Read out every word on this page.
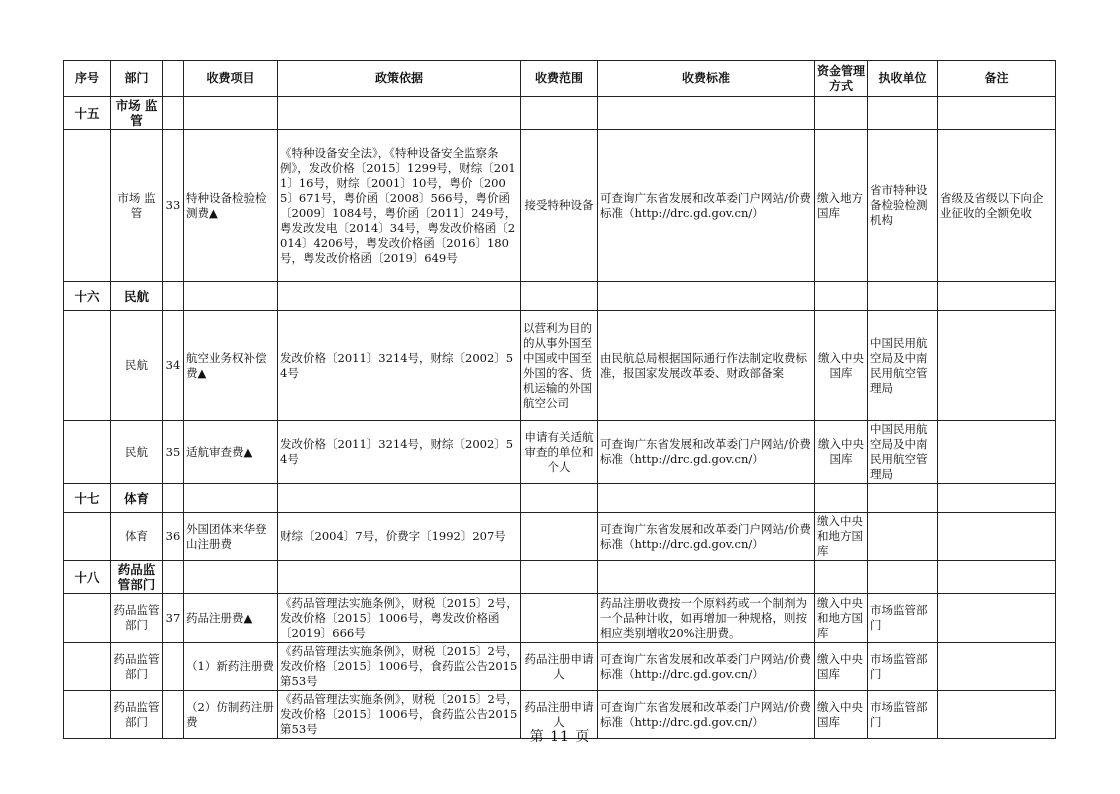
序号	部门		收费项目	政策依据	收费范围	收费标准	资金管理方式	执收单位	备注
十五	市场 监管								
	市场 监管	33	特种设备检验检测费▲	《特种设备安全法》，《特种设备安全监察条例》，发改价格〔2015〕1299号，财综〔2011〕16号，财综〔2001〕10号，粤价〔2005〕671号，粤价函〔2008〕566号，粤价函〔2009〕1084号，粤价函〔2011〕249号，粤发改发电〔2014〕34号，粤发改价格函〔2014〕4206号，粤发改价格函〔2016〕180号，粤发改价格函〔2019〕649号	接受特种设备	可查询广东省发展和改革委门户网站/价费标准（http://drc.gd.gov.cn/）	缴入地方国库	省市特种设备检验检测机构	省级及省级以下向企业征收的全额免收
十六	民航								
	民航	34	航空业务权补偿费▲	发改价格〔2011〕3214号，财综〔2002〕54号	以营利为目的的从事外国至中国或中国至外国的客、货机运输的外国航空公司	由民航总局根据国际通行作法制定收费标准，报国家发展改革委、财政部备案	缴入中央国库	中国民用航空局及中南民用航空管理局	
	民航	35	适航审查费▲	发改价格〔2011〕3214号，财综〔2002〕54号	申请有关适航审查的单位和个人	可查询广东省发展和改革委门户网站/价费标准（http://drc.gd.gov.cn/）	缴入中央国库	中国民用航空局及中南民用航空管理局	
十七	体育								
	体育	36	外国团体来华登山注册费	财综〔2004〕7号，价费字〔1992〕207号		可查询广东省发展和改革委门户网站/价费标准（http://drc.gd.gov.cn/）	缴入中央和地方国库		
十八	药品监管部门								
	药品监管部门	37	药品注册费▲	《药品管理法实施条例》，财税〔2015〕2号，发改价格〔2015〕1006号，粤发改价格函〔2019〕666号		药品注册收费按一个原料药或一个制剂为一个品种计收，如再增加一种规格，则按相应类别增收20%注册费。	缴入中央和地方国库	市场监管部门	
	药品监管部门		（1）新药注册费	《药品管理法实施条例》，财税〔2015〕2号，发改价格〔2015〕1006号，食药监公告2015第53号	药品注册申请人	可查询广东省发展和改革委门户网站/价费标准（http://drc.gd.gov.cn/）	缴入中央国库	市场监管部门	
	药品监管部门		（2）仿制药注册费	《药品管理法实施条例》，财税〔2015〕2号，发改价格〔2015〕1006号，食药监公告2015第53号	药品注册申请人	可查询广东省发展和改革委门户网站/价费标准（http://drc.gd.gov.cn/）	缴入中央国库	市场监管部门	
第 11 页
